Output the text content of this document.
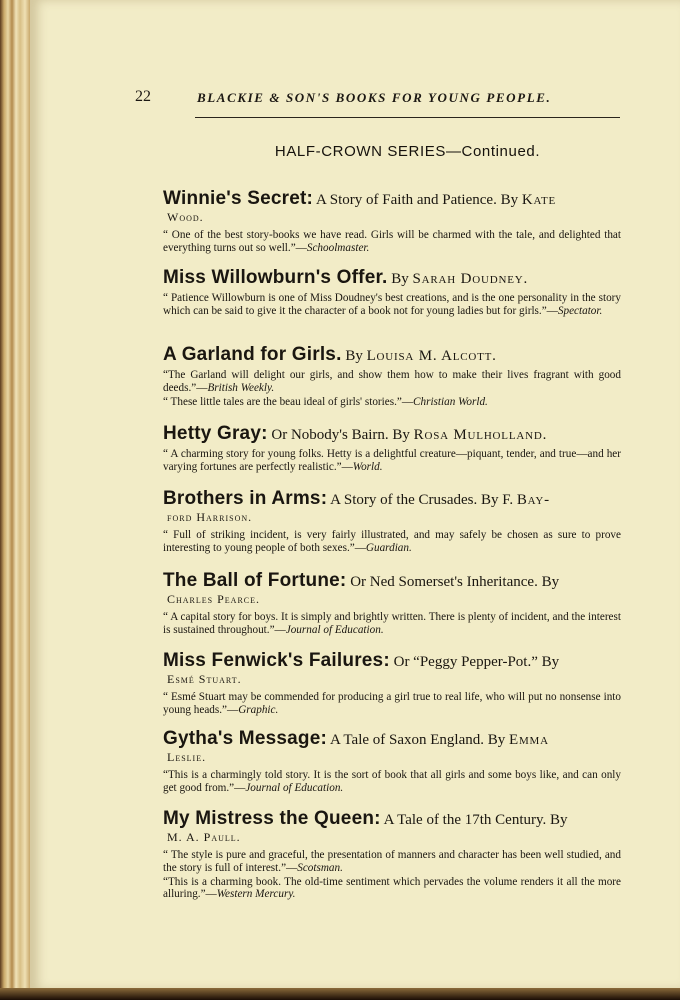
22	BLACKIE & SON'S BOOKS FOR YOUNG PEOPLE.
HALF-CROWN SERIES—Continued.
Winnie's Secret: A Story of Faith and Patience. By Kate
Wood.
“ One of the best story-books we have read. Girls will be charmed with the tale, and delighted that everything turns out so well.”—Schoolmaster.
Miss Willowburn's Offer. By Sarah Doudney.
“ Patience Willowburn is one of Miss Doudney's best creations, and is the one personality in the story which can be said to give it the character of a book not for young ladies but for girls.”—Spectator.
A Garland for Girls. By Louisa M. Alcott.
“The Garland will delight our girls, and show them how to make their lives fragrant with good deeds.”—British Weekly.
“ These little tales are the beau ideal of girls' stories.”—Christian World.
Hetty Gray: Or Nobody's Bairn. By Rosa Mulholland.
“ A charming story for young folks. Hetty is a delightful creature—piquant, tender, and true—and her varying fortunes are perfectly realistic.”—World.
Brothers in Arms: A Story of the Crusades. By F. Bay-
ford Harrison.
“ Full of striking incident, is very fairly illustrated, and may safely be chosen as sure to prove interesting to young people of both sexes.”—Guardian.
The Ball of Fortune: Or Ned Somerset's Inheritance. By
Charles Pearce.
“ A capital story for boys. It is simply and brightly written. There is plenty of incident, and the interest is sustained throughout.”—Journal of Education.
Miss Fenwick's Failures: Or “Peggy Pepper-Pot.” By
Esmé Stuart.
“ Esmé Stuart may be commended for producing a girl true to real life, who will put no nonsense into young heads.”—Graphic.
Gytha's Message: A Tale of Saxon England. By Emma
Leslie.
“This is a charmingly told story. It is the sort of book that all girls and some boys like, and can only get good from.”—Journal of Education.
My Mistress the Queen: A Tale of the 17th Century. By
M. A. Paull.
“ The style is pure and graceful, the presentation of manners and character has been well studied, and the story is full of interest.”—Scotsman.
“This is a charming book. The old-time sentiment which pervades the volume renders it all the more alluring.”—Western Mercury.
